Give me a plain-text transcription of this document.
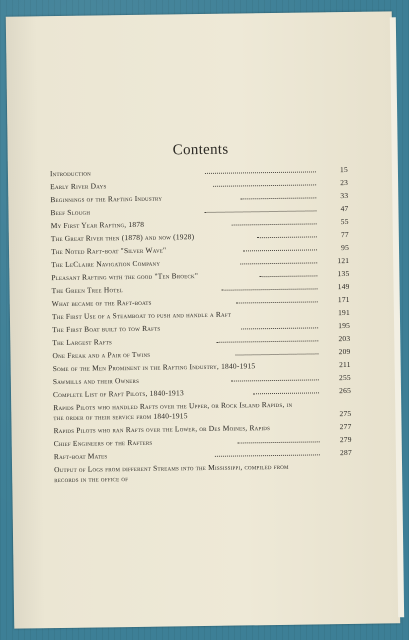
Contents
Introduction	15
Early River Days	23
Beginnings of the Rafting Industry	33
Beef Slough	47
My First Year Rafting, 1878	55
The Great River then (1878) and now (1928)	77
The Noted Raft-boat "Silver Wave"	95
The LeClaire Navigation Company	121
Pleasant Rafting with the good "Ten Broeck"	135
The Green Tree Hotel	149
What became of the Raft-boats	171
The First Use of a Steamboat to push and handle a Raft	191
The First Boat built to tow Rafts	195
The Largest Rafts	203
One Freak and a Pair of Twins	209
Some of the Men Prominent in the Rafting Industry, 1840-1915	211
Sawmills and their Owners	255
Complete List of Raft Pilots, 1840-1913	265
Rapids Pilots who handled Rafts over the Upper, or Rock Island Rapids, in the order of their service from 1840-1915	275
Rapids Pilots who ran Rafts over the Lower, or Des Moines, Rapids	277
Chief Engineers of the Rafters	279
Raft-boat Mates	287
Output of Logs from different Streams into the Mississippi, compiled from records in the office of
